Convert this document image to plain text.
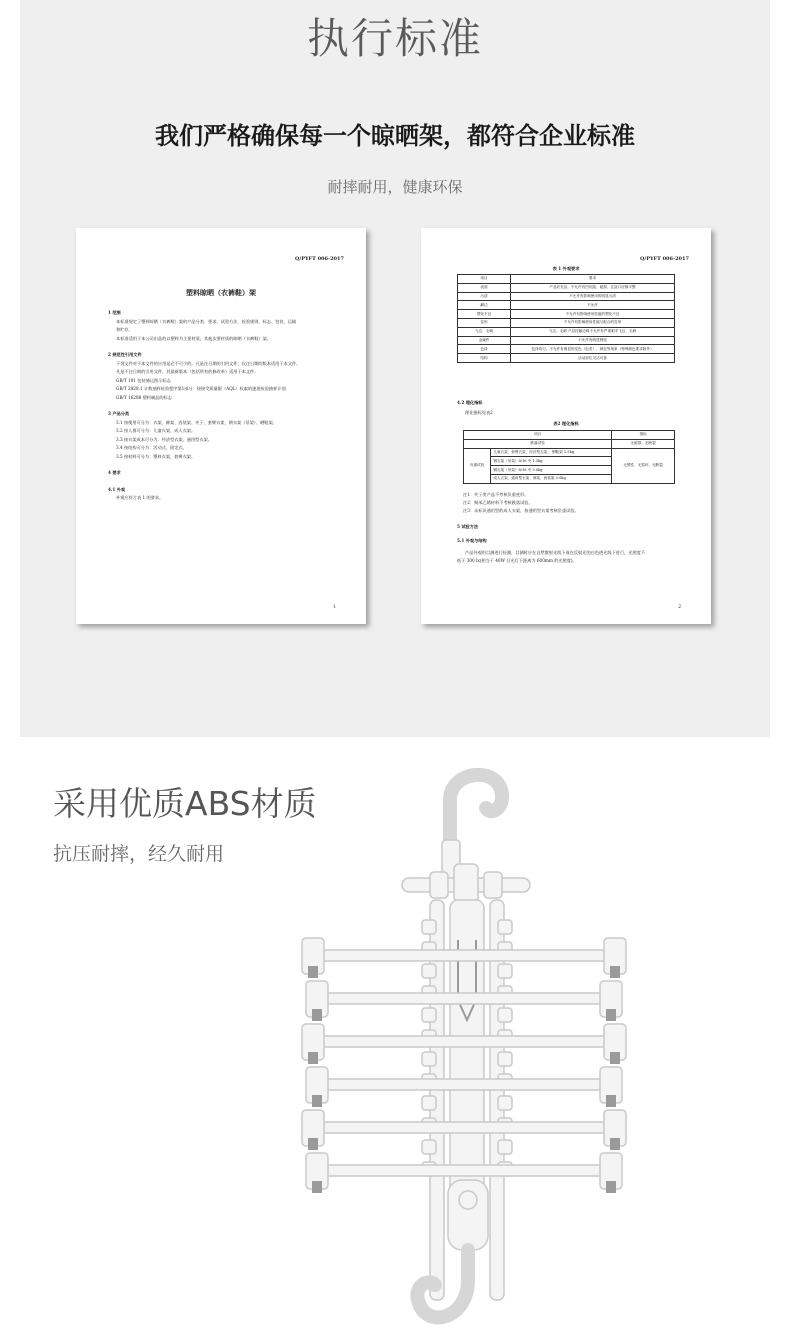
执行标准
我们严格确保每一个晾晒架，都符合企业标准
耐摔耐用，健康环保
Q/PYFT 006-2017
塑料晾晒（衣裤鞋）架
1 范围
本标准规定了塑料晾晒（衣裤鞋）架的产品分类、要求、试验方法、检验规则、标志、包装、运输
和贮存。
本标准适用于本公司出品的以塑料为主要材质，其他次要材质的晾晒（衣裤鞋）架。
2 规范性引用文件
下列文件对于本文件的应用是必不可少的。凡是注日期的引用文件，仅注日期的版本适用于本文件。
凡是不注日期的引用文件，其最新版本（包括所有的修改单）适用于本文件。
GB/T 191 包装储运图示标志
GB/T 2828.1 计数抽样检验程序第1部分：按接受质量限（AQL）检索的逐批检验抽样计划
GB/T 16288 塑料制品的标志
3 产品分类
3.1 按使用可分为：衣架、裤架、西装架、夹子、套臂衣架、钢衣架（吊架）、晒鞋架。
3.2 按人群可分为：儿童衣架、成人衣架。
3.3 按衣架成本可分为：经济型衣架、通用型衣架。
3.4 按结构可分为：活动式、固定式。
3.5 按材料可分为：塑料衣架、套臂衣架。
4 要求
4.1 外观
外观应符合表 1 的要求。
1
Q/PYFT 006-2017
表 1 外观要求
项目	要求
表面	产品应光洁，不允许有凹坑隐、破损、注浇口应修平整
污渍	不允许有影响使用的明显污渍
翻边	不允许
塑化不良	不允许有影响使用性能的塑化不良
变形	不允许有影响使用性能与配合的变形
飞边、毛刺	飞边、毛刺 产品挂触边缘不允许有严重刺手飞边、毛刺
金属件	不允许有明显锈蚀
色泽	色泽均匀，不允许有明显的变色（色差），颜色等现象（特殊颜色要求除外）
结构	活动部位灵活可靠
4.2 理化指标
理化指标见表2
表2 理化指标
项目		指标
跌落试验		无破损、无断裂
负重试验	儿童衣架、套臂衣架、经济型衣架 、钢鞋架 1.5kg	无塑性、无损坏、无断裂
	钢衣架（吊架）8/16 夹 1.5kg	
	钢衣架（吊架）8/16 夹 3.0kg	
	成人衣架、通用型衣架、裤架、西装架 3.0kg	
注1：夹子类产品不考核负重变形。
注2：聚苯乙烯材料不考核跌落试验。
注3：未标识通用型的成人衣架，按通用型衣架考核负重试验。
5 试验方法
5.1 外观与结构
产品外观用目测进行检测，目测时应在自然散射光线下或在反射光的白色透光线下进行，光照度不
低于 300 lx(相当于 40W 日光灯下距离为 600mm 的光照度)。
2
采用优质ABS材质
抗压耐摔，经久耐用
